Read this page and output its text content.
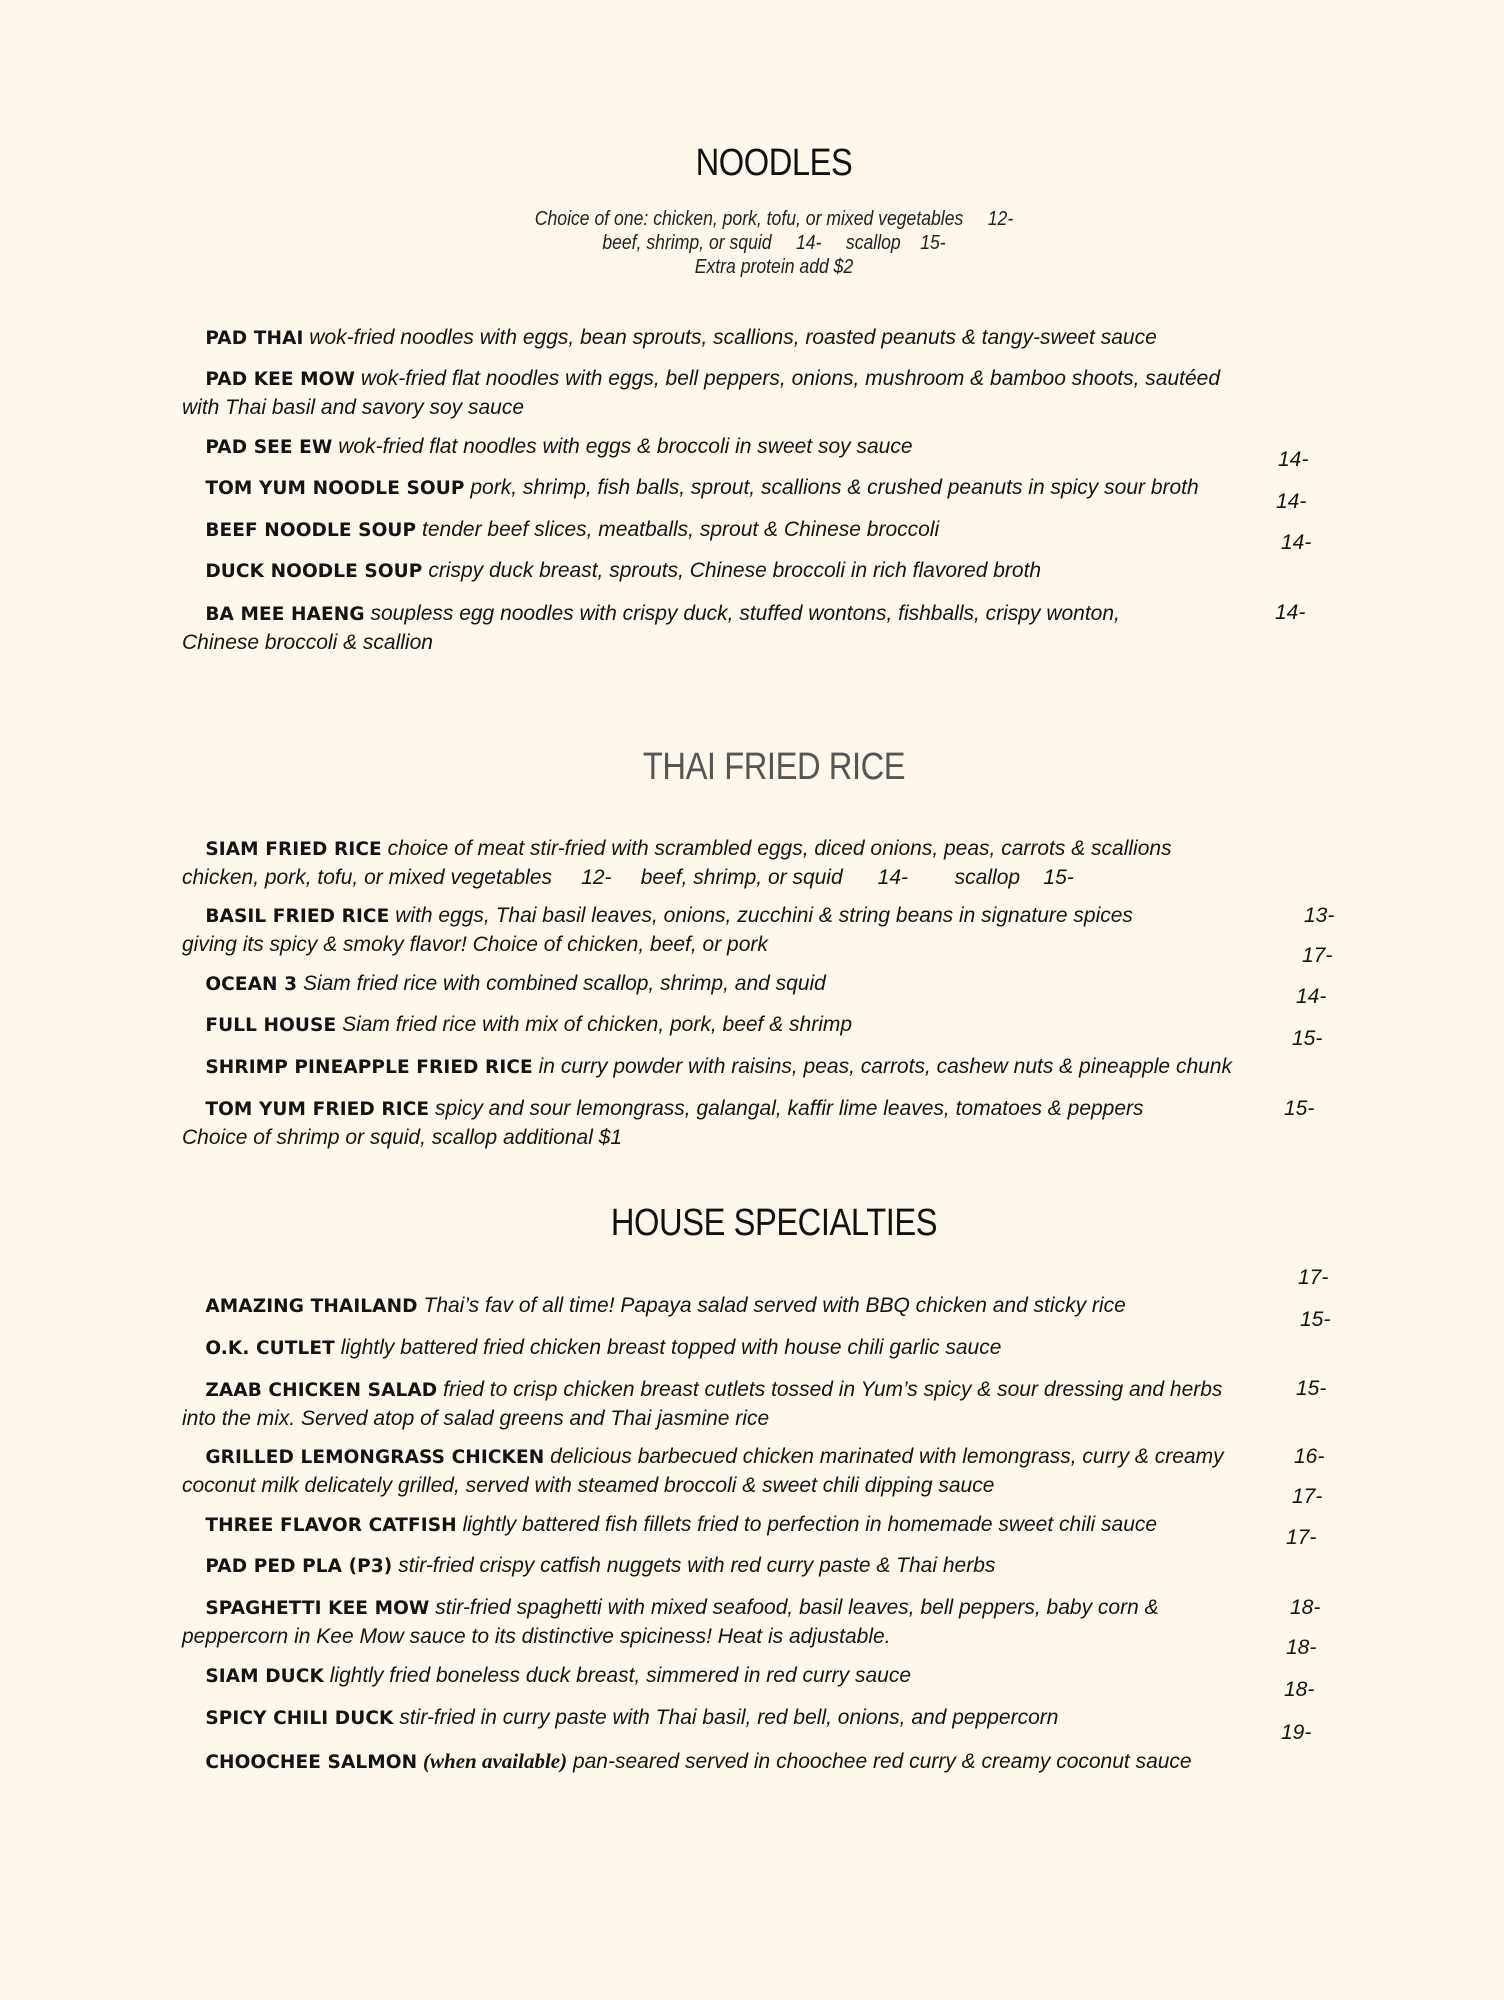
NOODLES
Choice of one: chicken, pork, tofu, or mixed vegetables     12-
beef, shrimp, or squid     14-     scallop    15-
Extra protein add $2

PAD THAI wok-fried noodles with eggs, bean sprouts, scallions, roasted peanuts & tangy-sweet sauce

PAD KEE MOW wok-fried flat noodles with eggs, bell peppers, onions, mushroom & bamboo shoots, sautéed
with Thai basil and savory soy sauce

PAD SEE EW wok-fried flat noodles with eggs & broccoli in sweet soy sauce

TOM YUM NOODLE SOUP pork, shrimp, fish balls, sprout, scallions & crushed peanuts in spicy sour broth

14-

BEEF NOODLE SOUP tender beef slices, meatballs, sprout & Chinese broccoli

14-

DUCK NOODLE SOUP crispy duck breast, sprouts, Chinese broccoli in rich flavored broth

14-

BA MEE HAENG soupless egg noodles with crispy duck, stuffed wontons, fishballs, crispy wonton,
Chinese broccoli & scallion

14-
THAI FRIED RICE

SIAM FRIED RICE choice of meat stir-fried with scrambled eggs, diced onions, peas, carrots & scallions
chicken, pork, tofu, or mixed vegetables     12-     beef, shrimp, or squid      14-        scallop    15-

BASIL FRIED RICE with eggs, Thai basil leaves, onions, zucchini & string beans in signature spices
giving its spicy & smoky flavor! Choice of chicken, beef, or pork

13-

OCEAN 3 Siam fried rice with combined scallop, shrimp, and squid

17-

FULL HOUSE Siam fried rice with mix of chicken, pork, beef & shrimp

14-

SHRIMP PINEAPPLE FRIED RICE in curry powder with raisins, peas, carrots, cashew nuts & pineapple chunk

15-

TOM YUM FRIED RICE spicy and sour lemongrass, galangal, kaffir lime leaves, tomatoes & peppers
Choice of shrimp or squid, scallop additional $1

15-
HOUSE SPECIALTIES

AMAZING THAILAND Thai’s fav of all time! Papaya salad served with BBQ chicken and sticky rice

17-

O.K. CUTLET lightly battered fried chicken breast topped with house chili garlic sauce

15-

ZAAB CHICKEN SALAD fried to crisp chicken breast cutlets tossed in Yum’s spicy & sour dressing and herbs
into the mix. Served atop of salad greens and Thai jasmine rice

15-

GRILLED LEMONGRASS CHICKEN delicious barbecued chicken marinated with lemongrass, curry & creamy
coconut milk delicately grilled, served with steamed broccoli & sweet chili dipping sauce

16-

THREE FLAVOR CATFISH lightly battered fish fillets fried to perfection in homemade sweet chili sauce

17-

PAD PED PLA (P3) stir-fried crispy catfish nuggets with red curry paste & Thai herbs

17-

SPAGHETTI KEE MOW stir-fried spaghetti with mixed seafood, basil leaves, bell peppers, baby corn &
peppercorn in Kee Mow sauce to its distinctive spiciness! Heat is adjustable.

18-

SIAM DUCK lightly fried boneless duck breast, simmered in red curry sauce

18-

SPICY CHILI DUCK stir-fried in curry paste with Thai basil, red bell, onions, and peppercorn

18-

CHOOCHEE SALMON (when available) pan-seared served in choochee red curry & creamy coconut sauce

19-
